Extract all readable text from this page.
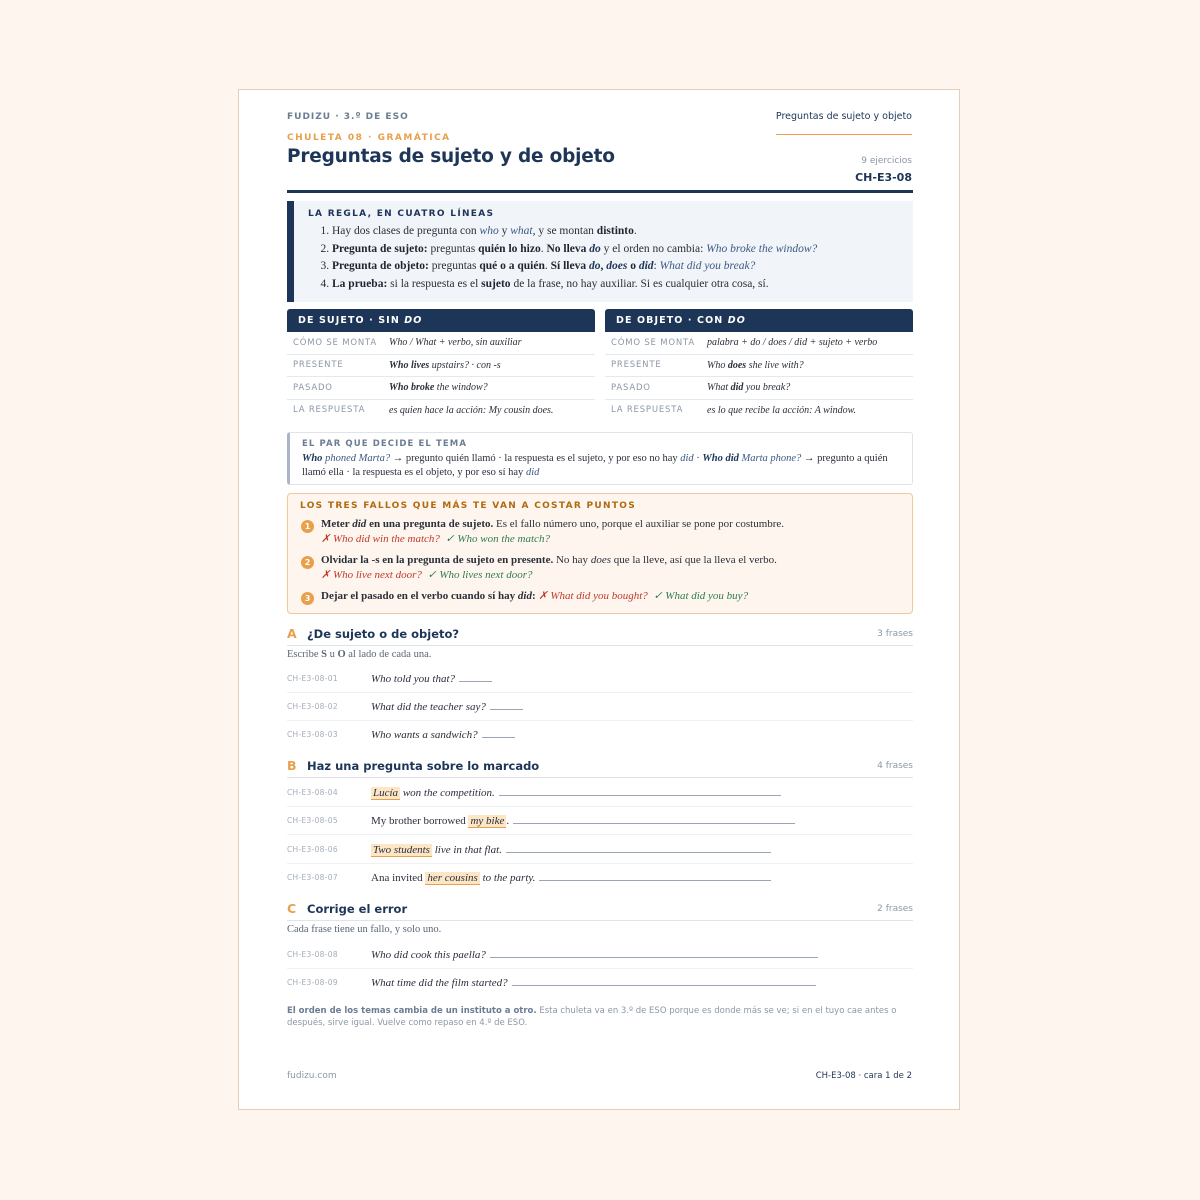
FUDIZU · 3.º DE ESO	Preguntas de sujeto y objeto
CHULETA 08 · GRAMÁTICA
Preguntas de sujeto y de objeto	9 ejercicios
CH-E3-08
LA REGLA, EN CUATRO LÍNEAS
1. Hay dos clases de pregunta con who y what, y se montan distinto.
2. Pregunta de sujeto: preguntas quién lo hizo. No lleva do y el orden no cambia: Who broke the window?
3. Pregunta de objeto: preguntas qué o a quién. Sí lleva do, does o did: What did you break?
4. La prueba: si la respuesta es el sujeto de la frase, no hay auxiliar. Si es cualquier otra cosa, sí.
DE SUJETO · SIN DO
CÓMO SE MONTA	Who / What + verbo, sin auxiliar
PRESENTE	Who lives upstairs? · con -s
PASADO	Who broke the window?
LA RESPUESTA	es quien hace la acción: My cousin does.
DE OBJETO · CON DO
CÓMO SE MONTA	palabra + do / does / did + sujeto + verbo
PRESENTE	Who does she live with?
PASADO	What did you break?
LA RESPUESTA	es lo que recibe la acción: A window.
EL PAR QUE DECIDE EL TEMA

Who phoned Marta? → pregunto quién llamó · la respuesta es el sujeto, y por eso no hay did · Who did Marta phone? → pregunto a quién llamó ella · la respuesta es el objeto, y por eso sí hay did

LOS TRES FALLOS QUE MÁS TE VAN A COSTAR PUNTOS
1 Meter did en una pregunta de sujeto. Es el fallo número uno, porque el auxiliar se pone por costumbre.
✗ Who did win the match? ✓ Who won the match?
2 Olvidar la -s en la pregunta de sujeto en presente. No hay does que la lleve, así que la lleva el verbo.
✗ Who live next door? ✓ Who lives next door?
3 Dejar el pasado en el verbo cuando sí hay did: ✗ What did you bought? ✓ What did you buy?
A ¿De sujeto o de objeto?	3 frases
Escribe S u O al lado de cada una.
CH-E3-08-01	Who told you that?
CH-E3-08-02	What did the teacher say?
CH-E3-08-03	Who wants a sandwich?
B Haz una pregunta sobre lo marcado	4 frases
CH-E3-08-04	Lucía won the competition.
CH-E3-08-05	My brother borrowed my bike .
CH-E3-08-06	Two students live in that flat.
CH-E3-08-07	Ana invited her cousins to the party.
C Corrige el error	2 frases
Cada frase tiene un fallo, y solo uno.
CH-E3-08-08	Who did cook this paella?
CH-E3-08-09	What time did the film started?
El orden de los temas cambia de un instituto a otro. Esta chuleta va en 3.º de ESO porque es donde más se ve; si en el tuyo cae antes o después, sirve igual. Vuelve como repaso en 4.º de ESO.
fudizu.com	CH-E3-08 · cara 1 de 2
